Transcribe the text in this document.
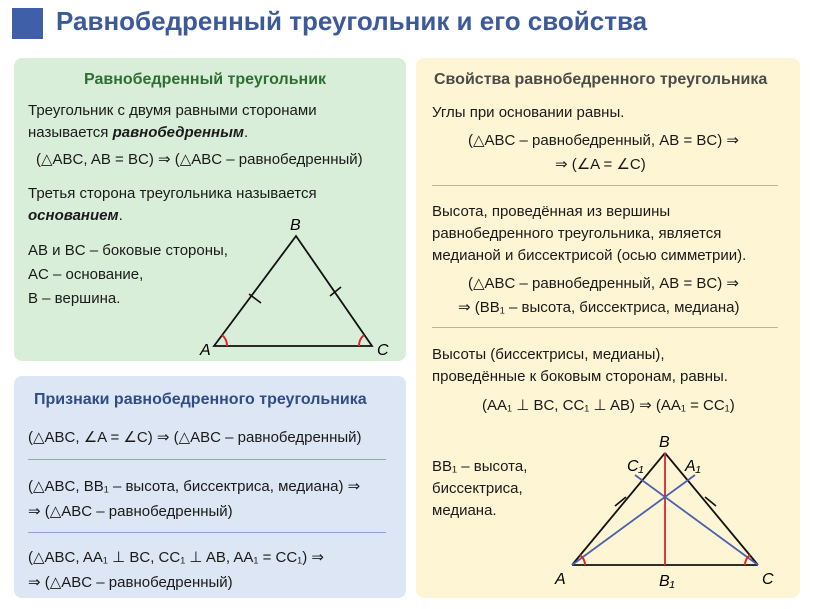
Равнобедренный треугольник и его свойства
Равнобедренный треугольник
Треугольник с двумя равными сторонами
называется равнобедренным.
(△ABC, AB = BC) ⇒ (△ABC – равнобедренный)
Третья сторона треугольника называется
основанием.
AB и BC – боковые стороны,
AC – основание,
B – вершина.
A
B
C
Свойства равнобедренного треугольника
Углы при основании равны.
(△ABC – равнобедренный, AB = BC) ⇒
⇒ (∠A = ∠C)
Высота, проведённая из вершины
равнобедренного треугольника, является
медианой и биссектрисой (осью симметрии).
(△ABC – равнобедренный, AB = BC) ⇒
⇒ (BB₁ – высота, биссектриса, медиана)
Высоты (биссектрисы, медианы),
проведённые к боковым сторонам, равны.
(AA₁ ⊥ BC, CC₁ ⊥ AB) ⇒ (AA₁ = CC₁)
BB₁ – высота,
биссектриса,
медиана.
B
C₁	A₁
A	B₁	C
Признаки равнобедренного треугольника
(△ABC, ∠A = ∠C) ⇒ (△ABC – равнобедренный)
(△ABC, BB₁ – высота, биссектриса, медиана) ⇒
⇒ (△ABC – равнобедренный)
(△ABC, AA₁ ⊥ BC, CC₁ ⊥ AB, AA₁ = CC₁) ⇒
⇒ (△ABC – равнобедренный)
